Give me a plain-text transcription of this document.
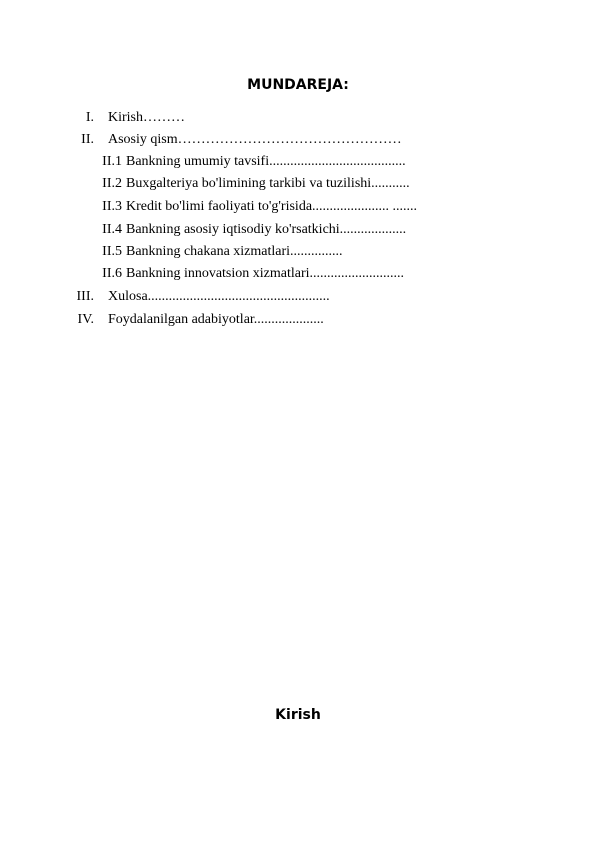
MUNDAREJA:
I. Kirish………
II. Asosiy qism…………………………………………
II.1 Bankning umumiy tavsifi.......................................
II.2 Buxgalteriya bo'limining tarkibi va tuzilishi...........
II.3 Kredit bo'limi faoliyati to'g'risida...................... .......
II.4 Bankning asosiy iqtisodiy ko'rsatkichi...................
II.5 Bankning chakana xizmatlari...............
II.6 Bankning innovatsion xizmatlari...........................
III. Xulosa....................................................
IV. Foydalanilgan adabiyotlar....................
Kirish
